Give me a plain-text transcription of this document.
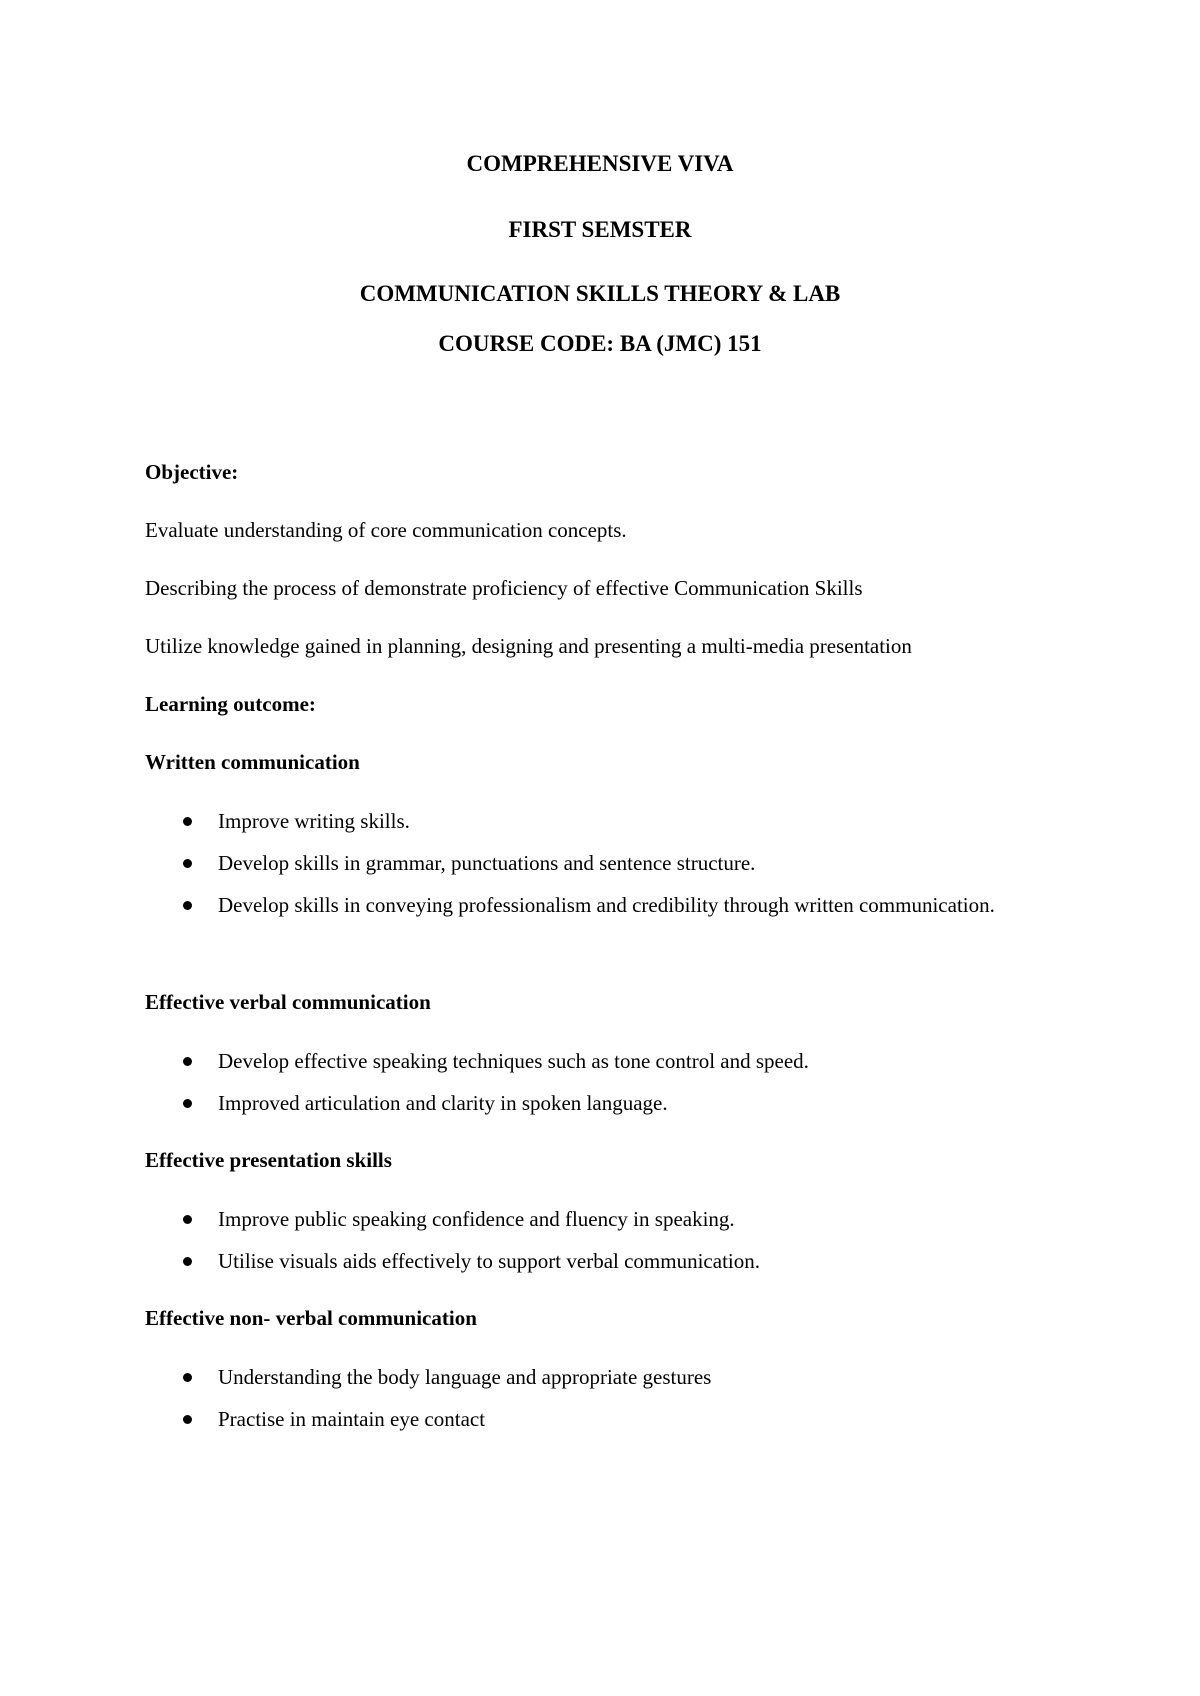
COMPREHENSIVE VIVA

FIRST SEMSTER

COMMUNICATION SKILLS THEORY & LAB

COURSE CODE: BA (JMC) 151

Objective:

Evaluate understanding of core communication concepts.

Describing the process of demonstrate proficiency of effective Communication Skills

Utilize knowledge gained in planning, designing and presenting a multi-media presentation

Learning outcome:

Written communication

Improve writing skills.
Develop skills in grammar, punctuations and sentence structure.
Develop skills in conveying professionalism and credibility through written communication.

Effective verbal communication

Develop effective speaking techniques such as tone control and speed.
Improved articulation and clarity in spoken language.

Effective presentation skills

Improve public speaking confidence and fluency in speaking.
Utilise visuals aids effectively to support verbal communication.

Effective non- verbal communication

Understanding the body language and appropriate gestures
Practise in maintain eye contact
